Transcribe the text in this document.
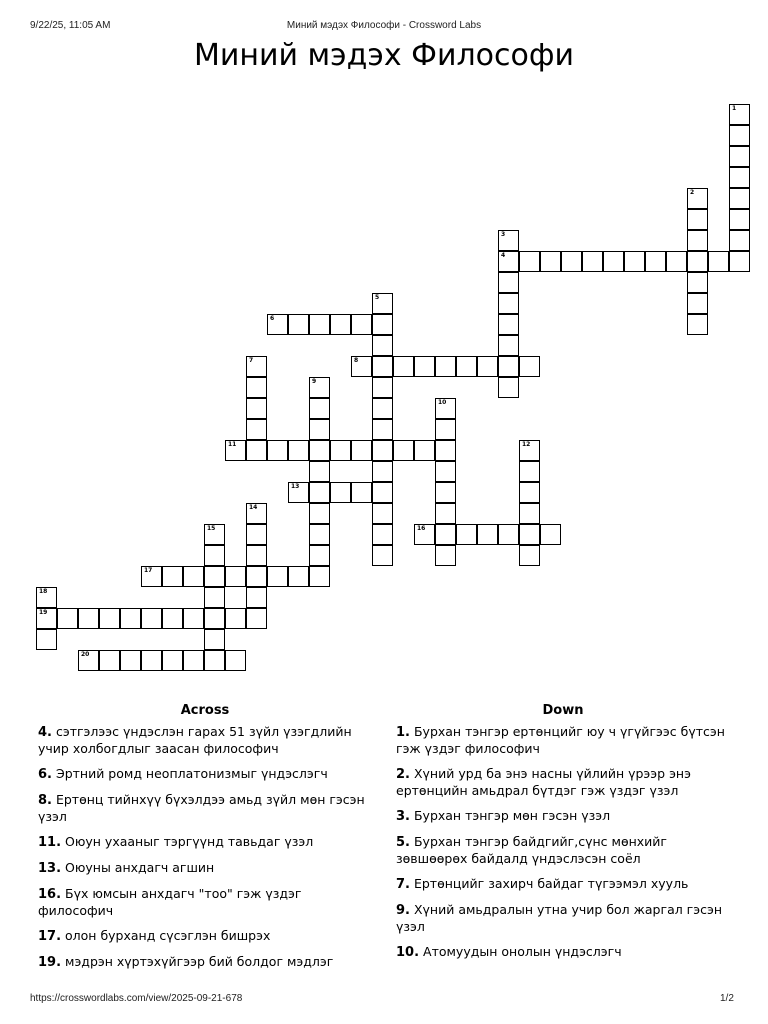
9/22/25, 11:05 AM	Миний мэдэх Философи - Crossword Labs
Миний мэдэх Философи
1
2
3
4
5
6
7	8
9
10
11	12
13
14
15	16
17
18
19
20
Across	Down
4. сэтгэлээс үндэслэн гарах 51 зүйл үзэгдлийн учир холбогдлыг заасан философич
6. Эртний ромд неоплатонизмыг үндэслэгч
8. Ертөнц тийнхүү бүхэлдээ амьд зүйл мөн гэсэн үзэл
11. Оюун ухааныг тэргүүнд тавьдаг үзэл
13. Оюуны анхдагч агшин
16. Бүх юмсын анхдагч "тоо" гэж үздэг философич
17. олон бурханд сүсэглэн бишрэх
19. мэдрэн хүртэхүйгээр бий болдог мэдлэг
1. Бурхан тэнгэр ертөнцийг юу ч үгүйгээс бүтсэн гэж үздэг философич
2. Хүний урд ба энэ насны үйлийн үрээр энэ ертөнцийн амьдрал бүтдэг гэж үздэг үзэл
3. Бурхан тэнгэр мөн гэсэн үзэл
5. Бурхан тэнгэр байдгийг,сүнс мөнхийг зөвшөөрөх байдалд үндэслэсэн соёл
7. Ертөнцийг захирч байдаг түгээмэл хууль
9. Хүний амьдралын утна учир бол жаргал гэсэн үзэл
10. Атомуудын онолын үндэслэгч
https://crosswordlabs.com/view/2025-09-21-678	1/2
